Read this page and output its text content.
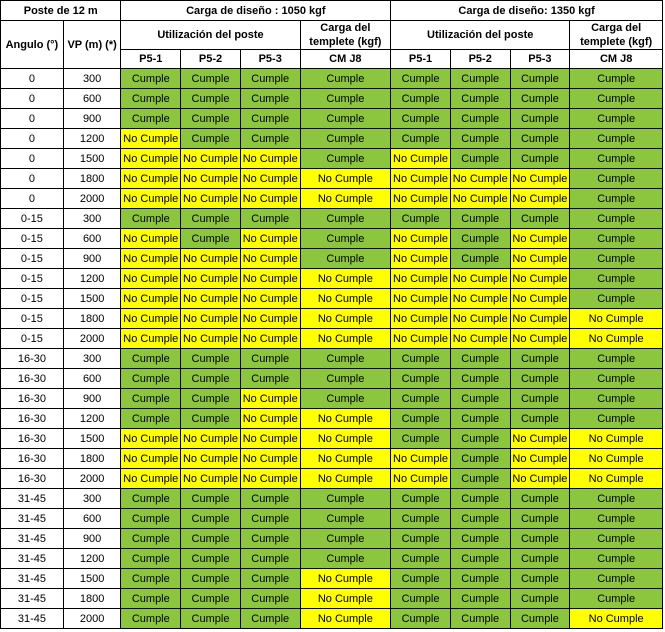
Poste de 12 m		Carga de diseño : 1050 kgf				Carga de diseño: 1350 kgf			
Angulo (°)	VP (m) (*)	Utilización del poste			Carga del templete (kgf)	Utilización del poste			Carga del templete (kgf)
		P5-1	P5-2	P5-3	CM J8	P5-1	P5-2	P5-3	CM J8
0	300	Cumple	Cumple	Cumple	Cumple	Cumple	Cumple	Cumple	Cumple
0	600	Cumple	Cumple	Cumple	Cumple	Cumple	Cumple	Cumple	Cumple
0	900	Cumple	Cumple	Cumple	Cumple	Cumple	Cumple	Cumple	Cumple
0	1200	No Cumple	Cumple	Cumple	Cumple	Cumple	Cumple	Cumple	Cumple
0	1500	No Cumple	No Cumple	No Cumple	Cumple	No Cumple	Cumple	Cumple	Cumple
0	1800	No Cumple	No Cumple	No Cumple	No Cumple	No Cumple	No Cumple	No Cumple	Cumple
0	2000	No Cumple	No Cumple	No Cumple	No Cumple	No Cumple	No Cumple	No Cumple	Cumple
0-15	300	Cumple	Cumple	Cumple	Cumple	Cumple	Cumple	Cumple	Cumple
0-15	600	No Cumple	Cumple	No Cumple	Cumple	No Cumple	Cumple	No Cumple	Cumple
0-15	900	No Cumple	No Cumple	No Cumple	Cumple	No Cumple	Cumple	No Cumple	Cumple
0-15	1200	No Cumple	No Cumple	No Cumple	No Cumple	No Cumple	No Cumple	No Cumple	Cumple
0-15	1500	No Cumple	No Cumple	No Cumple	No Cumple	No Cumple	No Cumple	No Cumple	Cumple
0-15	1800	No Cumple	No Cumple	No Cumple	No Cumple	No Cumple	No Cumple	No Cumple	No Cumple
0-15	2000	No Cumple	No Cumple	No Cumple	No Cumple	No Cumple	No Cumple	No Cumple	No Cumple
16-30	300	Cumple	Cumple	Cumple	Cumple	Cumple	Cumple	Cumple	Cumple
16-30	600	Cumple	Cumple	Cumple	Cumple	Cumple	Cumple	Cumple	Cumple
16-30	900	Cumple	Cumple	No Cumple	Cumple	Cumple	Cumple	Cumple	Cumple
16-30	1200	Cumple	Cumple	No Cumple	No Cumple	Cumple	Cumple	Cumple	Cumple
16-30	1500	No Cumple	No Cumple	No Cumple	No Cumple	Cumple	Cumple	No Cumple	No Cumple
16-30	1800	No Cumple	No Cumple	No Cumple	No Cumple	No Cumple	Cumple	No Cumple	No Cumple
16-30	2000	No Cumple	No Cumple	No Cumple	No Cumple	No Cumple	Cumple	No Cumple	No Cumple
31-45	300	Cumple	Cumple	Cumple	Cumple	Cumple	Cumple	Cumple	Cumple
31-45	600	Cumple	Cumple	Cumple	Cumple	Cumple	Cumple	Cumple	Cumple
31-45	900	Cumple	Cumple	Cumple	Cumple	Cumple	Cumple	Cumple	Cumple
31-45	1200	Cumple	Cumple	Cumple	Cumple	Cumple	Cumple	Cumple	Cumple
31-45	1500	Cumple	Cumple	Cumple	No Cumple	Cumple	Cumple	Cumple	Cumple
31-45	1800	Cumple	Cumple	Cumple	No Cumple	Cumple	Cumple	Cumple	Cumple
31-45	2000	Cumple	Cumple	Cumple	No Cumple	Cumple	Cumple	Cumple	No Cumple
